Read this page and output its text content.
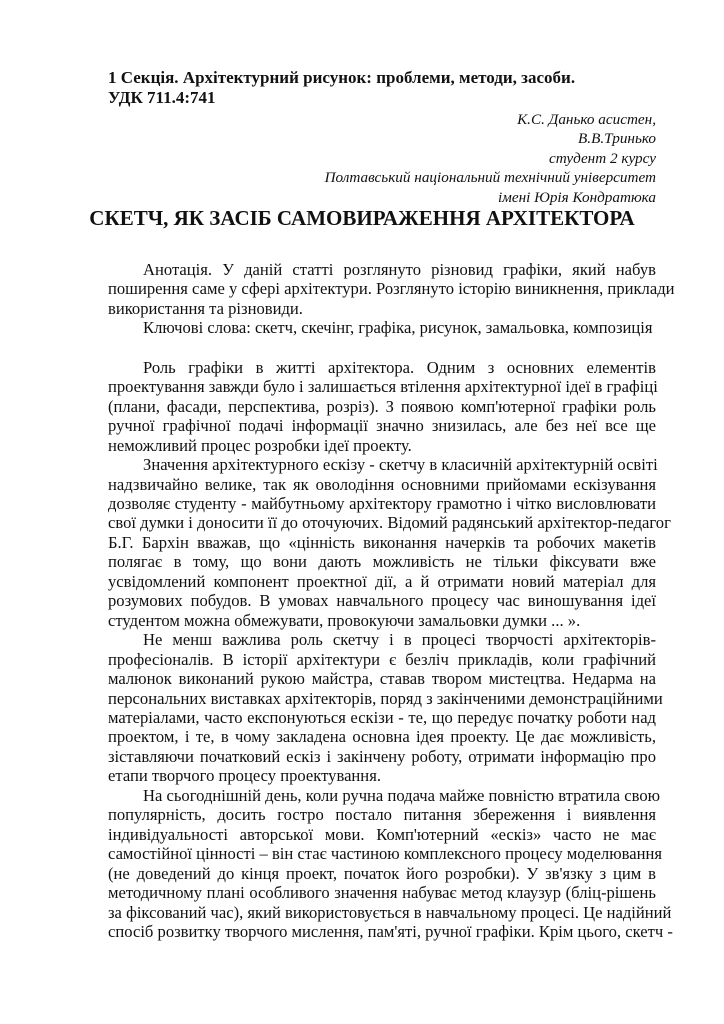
1 Секція. Архітектурний рисунок: проблеми, методи, засоби.
УДК 711.4:741
К.С. Данько асистен,
В.В.Тринько
студент 2 курсу
Полтавський національний технічний університет
імені Юрія Кондратюка
СКЕТЧ, ЯК ЗАСІБ САМОВИРАЖЕННЯ АРХІТЕКТОРА
Анотація. У даній статті розглянуто різновид графіки, який набув
поширення саме у сфері архітектури. Розглянуто історію виникнення, приклади
використання та різновиди.
Ключові слова: скетч, скечінг, графіка, рисунок, замальовка, композиція
Роль графіки в житті архітектора. Одним з основних елементів
проектування завжди було і залишається втілення архітектурної ідеї в графіці
(плани, фасади, перспектива, розріз). З появою комп'ютерної графіки роль
ручної графічної подачі інформації значно знизилась, але без неї все ще
неможливий процес розробки ідеї проекту.
Значення архітектурного ескізу - скетчу в класичній архітектурній освіті
надзвичайно велике, так як оволодіння основними прийомами ескізування
дозволяє студенту - майбутньому архітектору грамотно і чітко висловлювати
свої думки і доносити її до оточуючих. Відомий радянський архітектор-педагог
Б.Г. Бархін вважав, що «цінність виконання начерків та робочих макетів
полягає в тому, що вони дають можливість не тільки фіксувати вже
усвідомлений компонент проектної дії, а й отримати новий матеріал для
розумових побудов. В умовах навчального процесу час виношування ідеї
студентом можна обмежувати, провокуючи замальовки думки ... ».
Не менш важлива роль скетчу і в процесі творчості архітекторів-
професіоналів. В історії архітектури є безліч прикладів, коли графічний
малюнок виконаний рукою майстра, ставав твором мистецтва. Недарма на
персональних виставках архітекторів, поряд з закінченими демонстраційними
матеріалами, часто експонуються ескізи - те, що передує початку роботи над
проектом, і те, в чому закладена основна ідея проекту. Це дає можливість,
зіставляючи початковий ескіз і закінчену роботу, отримати інформацію про
етапи творчого процесу проектування.
На сьогоднішній день, коли ручна подача майже повністю втратила свою
популярність, досить гостро постало питання збереження і виявлення
індивідуальності авторської мови. Комп'ютерний «ескіз» часто не має
самостійної цінності – він стає частиною комплексного процесу моделювання
(не доведений до кінця проект, початок його розробки). У зв'язку з цим в
методичному плані особливого значення набуває метод клаузур (бліц-рішень
за фіксований час), який використовується в навчальному процесі. Це надійний
спосіб розвитку творчого мислення, пам'яті, ручної графіки. Крім цього, скетч -
